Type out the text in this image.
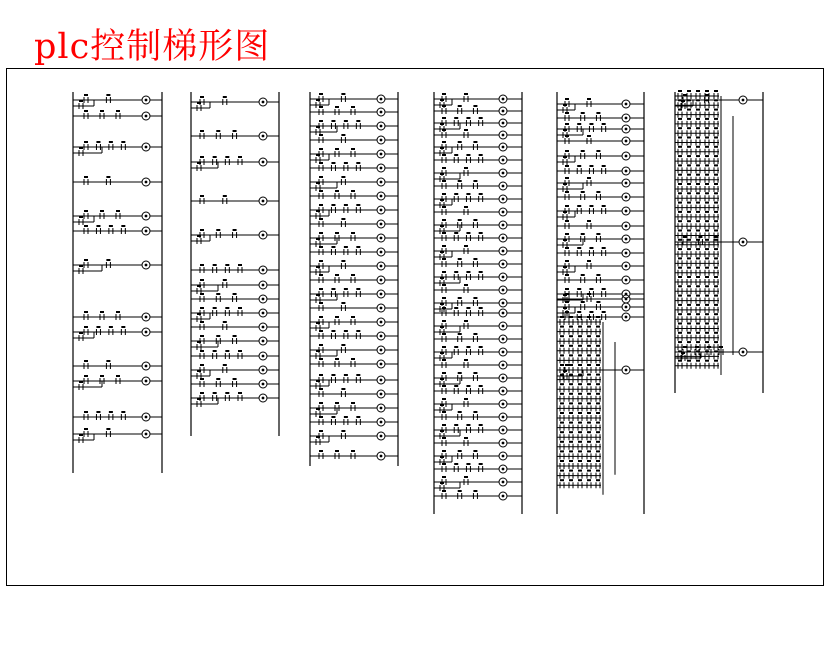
plc控制梯形图
